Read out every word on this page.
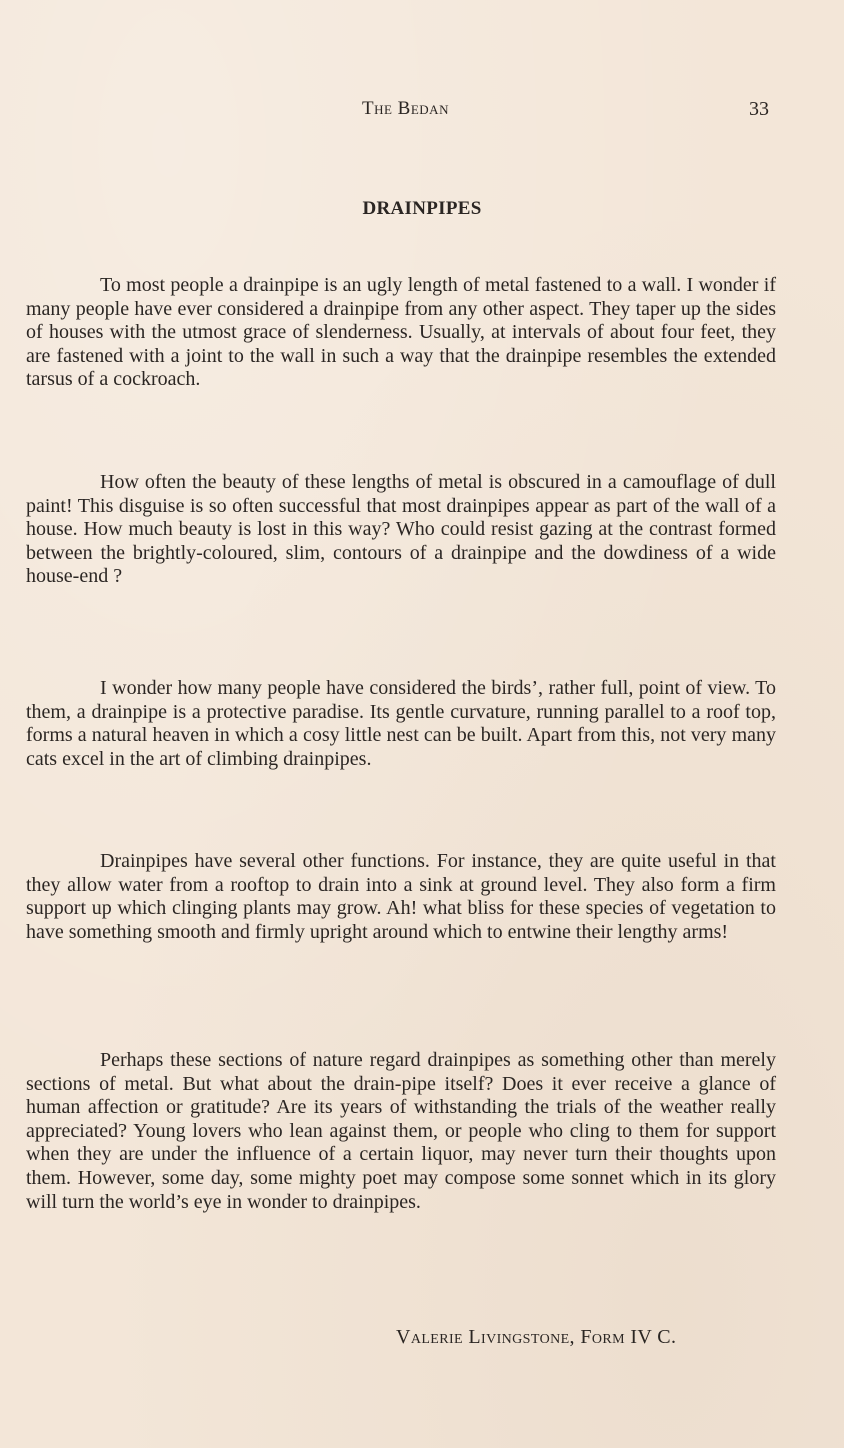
The Bedan	33
DRAINPIPES

To most people a drainpipe is an ugly length of metal fastened to a wall. I wonder if many people have ever considered a drainpipe from any other aspect. They taper up the sides of houses with the utmost grace of slenderness. Usually, at intervals of about four feet, they are fastened with a joint to the wall in such a way that the drainpipe resembles the extended tarsus of a cockroach.

How often the beauty of these lengths of metal is obscured in a camouflage of dull paint! This disguise is so often successful that most drainpipes appear as part of the wall of a house. How much beauty is lost in this way? Who could resist gazing at the contrast formed between the brightly-coloured, slim, contours of a drainpipe and the dowdiness of a wide house-end ?

I wonder how many people have considered the birds’, rather full, point of view. To them, a drainpipe is a protective paradise. Its gentle curvature, running parallel to a roof top, forms a natural heaven in which a cosy little nest can be built. Apart from this, not very many cats excel in the art of climbing drainpipes.

Drainpipes have several other functions. For instance, they are quite useful in that they allow water from a rooftop to drain into a sink at ground level. They also form a firm support up which clinging plants may grow. Ah! what bliss for these species of vegetation to have something smooth and firmly upright around which to entwine their lengthy arms!

Perhaps these sections of nature regard drainpipes as something other than merely sections of metal. But what about the drain-pipe itself? Does it ever receive a glance of human affection or gratitude? Are its years of withstanding the trials of the weather really appreciated? Young lovers who lean against them, or people who cling to them for support when they are under the influence of a certain liquor, may never turn their thoughts upon them. However, some day, some mighty poet may compose some sonnet which in its glory will turn the world’s eye in wonder to drainpipes.

Valerie Livingstone, Form IV C.
